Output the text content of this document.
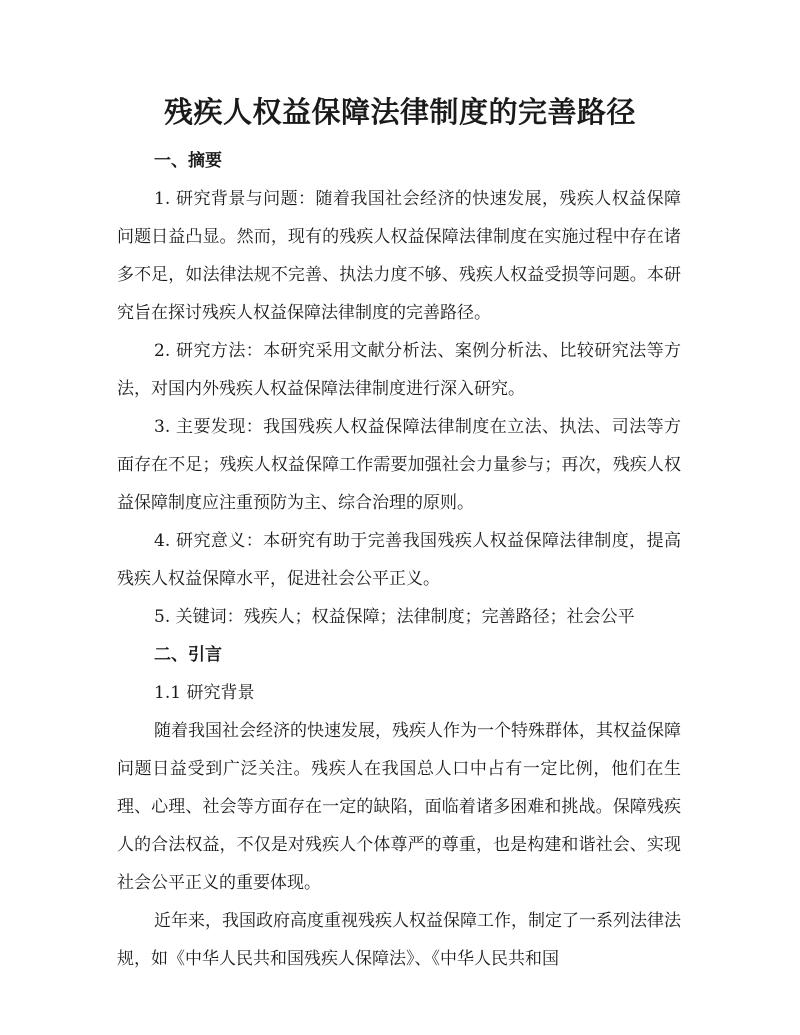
残疾人权益保障法律制度的完善路径

一、摘要

1. 研究背景与问题：随着我国社会经济的快速发展，残疾人权益保障问题日益凸显。然而，现有的残疾人权益保障法律制度在实施过程中存在诸多不足，如法律法规不完善、执法力度不够、残疾人权益受损等问题。本研究旨在探讨残疾人权益保障法律制度的完善路径。

2. 研究方法：本研究采用文献分析法、案例分析法、比较研究法等方法，对国内外残疾人权益保障法律制度进行深入研究。

3. 主要发现：我国残疾人权益保障法律制度在立法、执法、司法等方面存在不足；残疾人权益保障工作需要加强社会力量参与；再次，残疾人权益保障制度应注重预防为主、综合治理的原则。

4. 研究意义：本研究有助于完善我国残疾人权益保障法律制度，提高残疾人权益保障水平，促进社会公平正义。

5. 关键词：残疾人；权益保障；法律制度；完善路径；社会公平

二、引言

1.1 研究背景

随着我国社会经济的快速发展，残疾人作为一个特殊群体，其权益保障问题日益受到广泛关注。残疾人在我国总人口中占有一定比例，他们在生理、心理、社会等方面存在一定的缺陷，面临着诸多困难和挑战。保障残疾人的合法权益，不仅是对残疾人个体尊严的尊重，也是构建和谐社会、实现社会公平正义的重要体现。

近年来，我国政府高度重视残疾人权益保障工作，制定了一系列法律法规，如《中华人民共和国残疾人保障法》、《中华人民共和国
